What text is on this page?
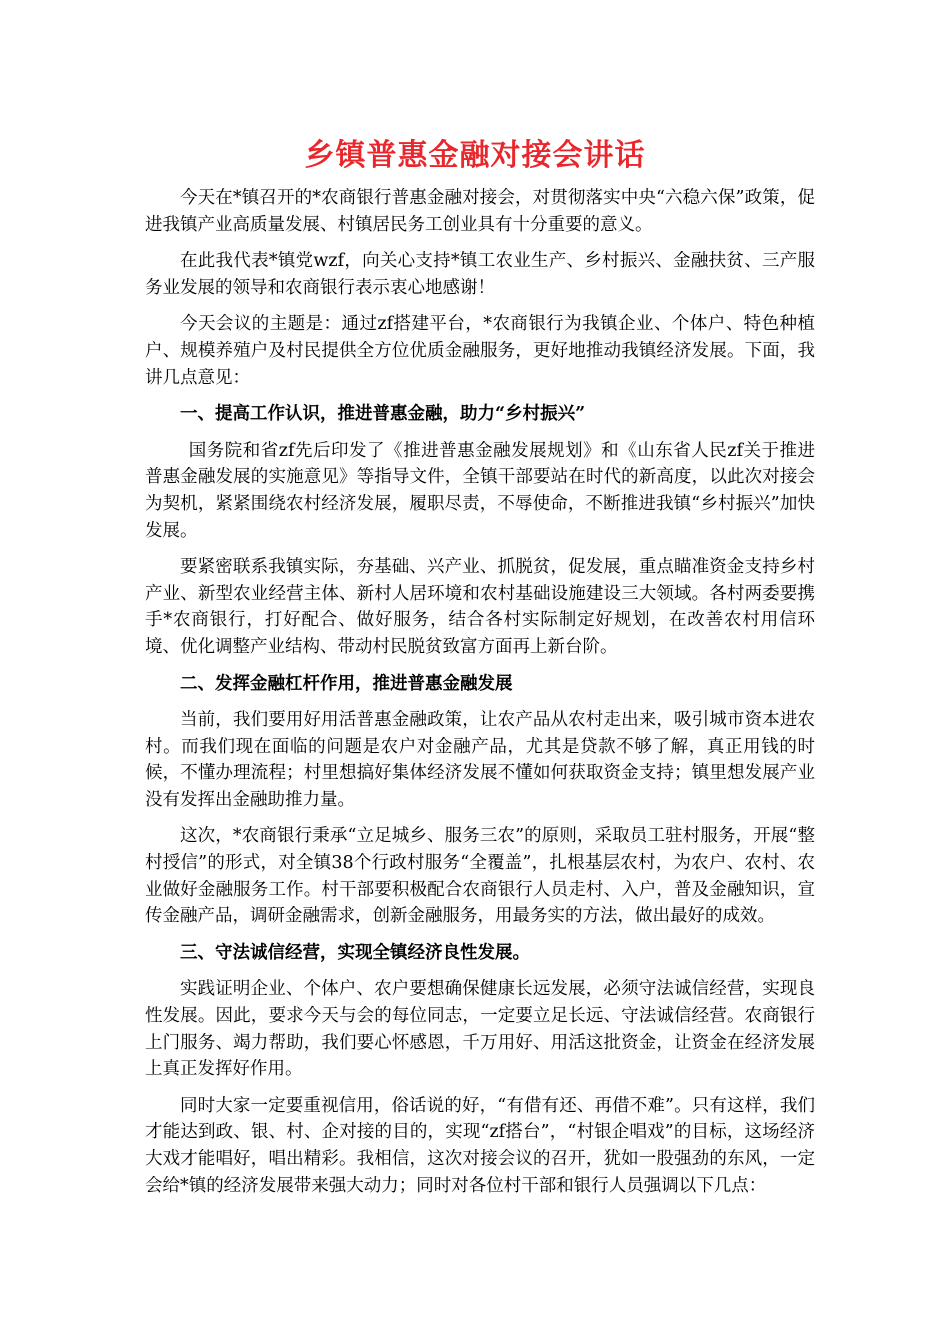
乡镇普惠金融对接会讲话

今天在*镇召开的*农商银行普惠金融对接会，对贯彻落实中央“六稳六保”政策，促进我镇产业高质量发展、村镇居民务工创业具有十分重要的意义。

在此我代表*镇党wzf，向关心支持*镇工农业生产、乡村振兴、金融扶贫、三产服务业发展的领导和农商银行表示衷心地感谢！

今天会议的主题是：通过zf搭建平台，*农商银行为我镇企业、个体户、特色种植户、规模养殖户及村民提供全方位优质金融服务，更好地推动我镇经济发展。下面，我讲几点意见：

一、提高工作认识，推进普惠金融，助力“乡村振兴”

国务院和省zf先后印发了《推进普惠金融发展规划》和《山东省人民zf关于推进普惠金融发展的实施意见》等指导文件，全镇干部要站在时代的新高度，以此次对接会为契机，紧紧围绕农村经济发展，履职尽责，不辱使命，不断推进我镇“乡村振兴”加快发展。

要紧密联系我镇实际，夯基础、兴产业、抓脱贫，促发展，重点瞄准资金支持乡村产业、新型农业经营主体、新村人居环境和农村基础设施建设三大领域。各村两委要携手*农商银行，打好配合、做好服务，结合各村实际制定好规划，在改善农村用信环境、优化调整产业结构、带动村民脱贫致富方面再上新台阶。

二、发挥金融杠杆作用，推进普惠金融发展

当前，我们要用好用活普惠金融政策，让农产品从农村走出来，吸引城市资本进农村。而我们现在面临的问题是农户对金融产品，尤其是贷款不够了解，真正用钱的时候，不懂办理流程；村里想搞好集体经济发展不懂如何获取资金支持；镇里想发展产业没有发挥出金融助推力量。

这次，*农商银行秉承“立足城乡、服务三农”的原则，采取员工驻村服务，开展“整村授信”的形式，对全镇38个行政村服务“全覆盖”，扎根基层农村，为农户、农村、农业做好金融服务工作。村干部要积极配合农商银行人员走村、入户，普及金融知识，宣传金融产品，调研金融需求，创新金融服务，用最务实的方法，做出最好的成效。

三、守法诚信经营，实现全镇经济良性发展。

实践证明企业、个体户、农户要想确保健康长远发展，必须守法诚信经营，实现良性发展。因此，要求今天与会的每位同志，一定要立足长远、守法诚信经营。农商银行上门服务、竭力帮助，我们要心怀感恩，千万用好、用活这批资金，让资金在经济发展上真正发挥好作用。

同时大家一定要重视信用，俗话说的好，“有借有还、再借不难”。只有这样，我们才能达到政、银、村、企对接的目的，实现“zf搭台”，“村银企唱戏”的目标，这场经济大戏才能唱好，唱出精彩。我相信，这次对接会议的召开，犹如一股强劲的东风，一定会给*镇的经济发展带来强大动力；同时对各位村干部和银行人员强调以下几点：
